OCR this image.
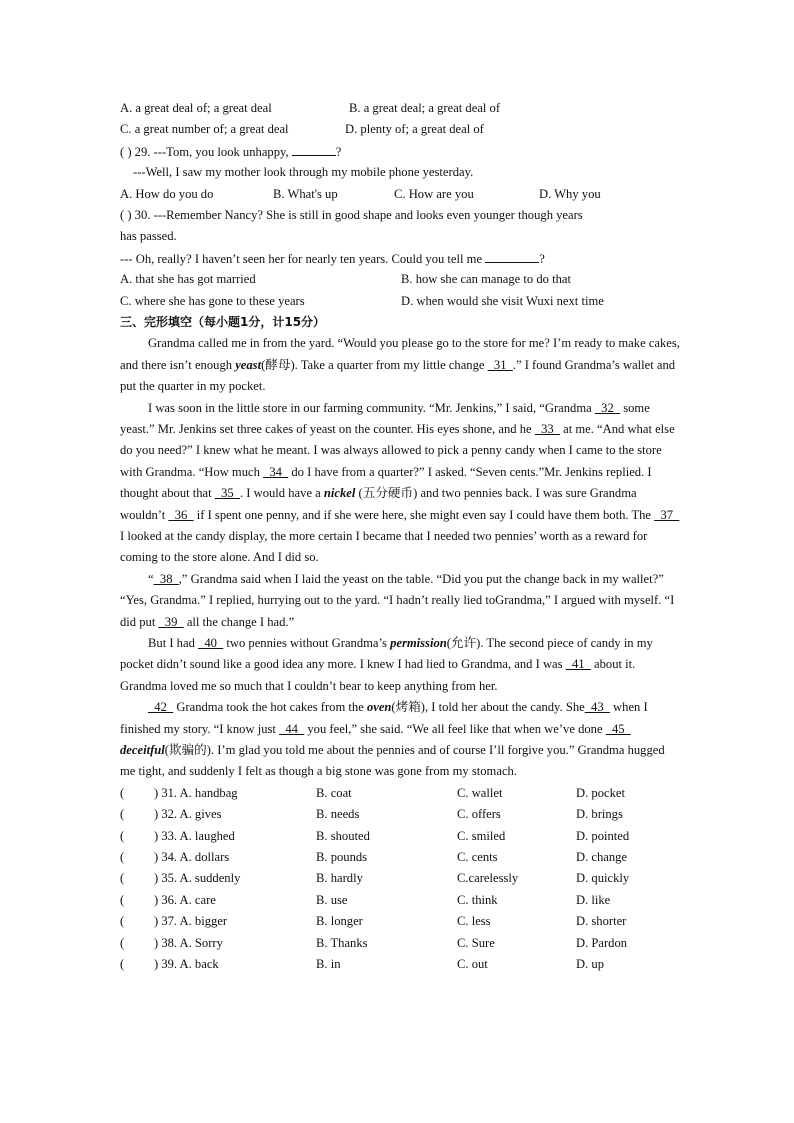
A. a great deal of; a great deal	B. a great deal; a great deal of
C. a great number of; a great deal	D. plenty of; a great deal of
( ) 29. ---Tom, you look unhappy,	?
---Well, I saw my mother look through my mobile phone yesterday.
A. How do you do	B. What's up	C. How are you	D. Why you
( ) 30. ---Remember Nancy? She is still in good shape and looks even younger though years
has passed.
--- Oh, really? I haven’t seen her for nearly ten years. Could you tell me	?
A. that she has got married	B. how she can manage to do that
C. where she has gone to these years	D. when would she visit Wuxi next time
三、完形填空（每小题1分，计15分）
Grandma called me in from the yard. “Would you please go to the store for me? I’m ready to make cakes, and there isn’t enough yeast(酵母). Take a quarter from my little change   31  .” I found Grandma’s wallet and put the quarter in my pocket.
I was soon in the little store in our farming community. “Mr. Jenkins,” I said, “Grandma   32   some yeast.” Mr. Jenkins set three cakes of yeast on the counter. His eyes shone, and he   33   at me. “And what else do you need?” I knew what he meant. I was always allowed to pick a penny candy when I came to the store with Grandma. “How much   34   do I have from a quarter?” I asked. “Seven cents.”Mr. Jenkins replied. I thought about that   35  . I would have a nickel (五分硬币) and two pennies back. I was sure Grandma wouldn’t   36   if I spent one penny, and if she were here, she might even say I could have them both. The   37   I looked at the candy display, the more certain I became that I needed two pennies’ worth as a reward for coming to the store alone. And I did so.
“  38  ,” Grandma said when I laid the yeast on the table. “Did you put the change back in my wallet?” “Yes, Grandma.” I replied, hurrying out to the yard. “I hadn’t really lied toGrandma,” I argued with myself. “I did put   39   all the change I had.”
But I had   40   two pennies without Grandma’s permission(允许). The second piece of candy in my pocket didn’t sound like a good idea any more. I knew I had lied to Grandma, and I was   41   about it. Grandma loved me so much that I couldn’t bear to keep anything from her.
42   Grandma took the hot cakes from the oven(烤箱), I told her about the candy. She  43   when I finished my story. “I know just   44   you feel,” she said. “We all feel like that when we’ve done   45   deceitful(欺骗的). I’m glad you told me about the pennies and of course I’ll forgive you.” Grandma hugged me tight, and suddenly I felt as though a big stone was gone from my stomach.
( ) 31. A. handbag	B. coat	C. wallet	D. pocket
( ) 32. A. gives	B. needs	C. offers	D. brings
( ) 33. A. laughed	B. shouted	C. smiled	D. pointed
( ) 34. A. dollars	B. pounds	C. cents	D. change
( ) 35. A. suddenly	B. hardly	C.carelessly	D. quickly
( ) 36. A. care	B. use	C. think	D. like
( ) 37. A. bigger	B. longer	C. less	D. shorter
( ) 38. A. Sorry	B. Thanks	C. Sure	D. Pardon
( ) 39. A. back	B. in	C. out	D. up
